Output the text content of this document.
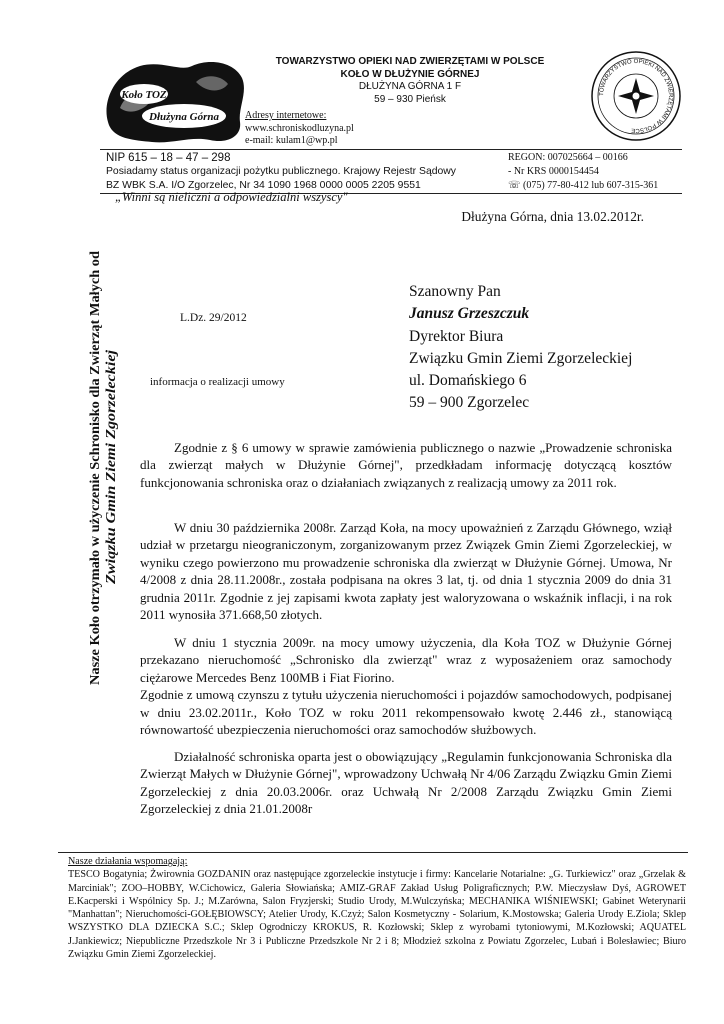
Koło TOZ
Dłużyna Górna
TOWARZYSTWO OPIEKI NAD ZWIERZĘTAMI W POLSCE
KOŁO W DŁUŻYNIE GÓRNEJ
DŁUŻYNA GÓRNA 1 F
59 – 930 Pieńsk
Adresy internetowe:
www.schroniskodluzyna.pl
e-mail: kulam1@wp.pl
TOWARZYSTWO OPIEKI NAD ZWIERZĘTAMI W POLSCE
NIP 615 – 18 – 47 – 298
Posiadamy status organizacji pożytku publicznego. Krajowy Rejestr Sądowy
BZ WBK S.A. I/O Zgorzelec, Nr 34 1090 1968 0000 0005 2205 9551
REGON: 007025664 – 00166
- Nr KRS 0000154454
☏ (075) 77-80-412 lub 607-315-361
„Winni są nieliczni a odpowiedzialni wszyscy"
Dłużyna Górna, dnia 13.02.2012r.
Nasze Koło otrzymało w użyczenie Schronisko dla Zwierząt Małych od Związku Gmin Ziemi Zgorzeleckiej
L.Dz. 29/2012
informacja o realizacji umowy
Szanowny Pan
Janusz Grzeszczuk
Dyrektor Biura
Związku Gmin Ziemi Zgorzeleckiej
ul. Domańskiego 6
59 – 900 Zgorzelec

Zgodnie z § 6 umowy w sprawie zamówienia publicznego o nazwie „Prowadzenie schroniska dla zwierząt małych w Dłużynie Górnej", przedkładam informację dotyczącą kosztów funkcjonowania schroniska oraz o działaniach związanych z realizacją umowy za 2011 rok.

W dniu 30 października 2008r. Zarząd Koła, na mocy upoważnień z Zarządu Głównego, wziął udział w przetargu nieograniczonym, zorganizowanym przez Związek Gmin Ziemi Zgorzeleckiej, w wyniku czego powierzono mu prowadzenie schroniska dla zwierząt w Dłużynie Górnej. Umowa, Nr 4/2008 z dnia 28.11.2008r., została podpisana na okres 3 lat, tj. od dnia 1 stycznia 2009 do dnia 31 grudnia 2011r. Zgodnie z jej zapisami kwota zapłaty jest waloryzowana o wskaźnik inflacji, i na rok 2011 wynosiła 371.668,50 złotych.

W dniu 1 stycznia 2009r. na mocy umowy użyczenia, dla Koła TOZ w Dłużynie Górnej przekazano nieruchomość „Schronisko dla zwierząt" wraz z wyposażeniem oraz samochody ciężarowe Mercedes Benz 100MB i Fiat Fiorino.
Zgodnie z umową czynszu z tytułu użyczenia nieruchomości i pojazdów samochodowych, podpisanej w dniu 23.02.2011r., Koło TOZ w roku 2011 rekompensowało kwotę 2.446 zł., stanowiącą równowartość ubezpieczenia nieruchomości oraz samochodów służbowych.

Działalność schroniska oparta jest o obowiązujący „Regulamin funkcjonowania Schroniska dla Zwierząt Małych w Dłużynie Górnej", wprowadzony Uchwałą Nr 4/06 Zarządu Związku Gmin Ziemi Zgorzeleckiej z dnia 20.03.2006r. oraz Uchwałą Nr 2/2008 Zarządu Związku Gmin Ziemi Zgorzeleckiej z dnia 21.01.2008r

Nasze działania wspomagają:
TESCO Bogatynia; Żwirownia GOZDANIN oraz następujące zgorzeleckie instytucje i firmy: Kancelarie Notarialne: „G. Turkiewicz" oraz „Grzelak & Marciniak"; ZOO–HOBBY, W.Cichowicz, Galeria Słowiańska; AMIZ-GRAF Zakład Usług Poligraficznych; P.W. Mieczysław Dyś, AGROWET E.Kacperski i Wspólnicy Sp. J.; M.Zarówna, Salon Fryzjerski; Studio Urody, M.Wulczyńska; MECHANIKA WIŚNIEWSKI; Gabinet Weterynarii "Manhattan"; Nieruchomości-GOŁĘBIOWSCY; Atelier Urody, K.Czyż; Salon Kosmetyczny - Solarium, K.Mostowska; Galeria Urody E.Ziola; Sklep WSZYSTKO DLA DZIECKA S.C.; Sklep Ogrodniczy KROKUS, R. Kozłowski; Sklep z wyrobami tytoniowymi, M.Kozłowski; AQUATEL J.Jankiewicz; Niepubliczne Przedszkole Nr 3 i Publiczne Przedszkole Nr 2 i 8; Młodzież szkolna z Powiatu Zgorzelec, Lubań i Bolesławiec; Biuro Związku Gmin Ziemi Zgorzeleckiej.
